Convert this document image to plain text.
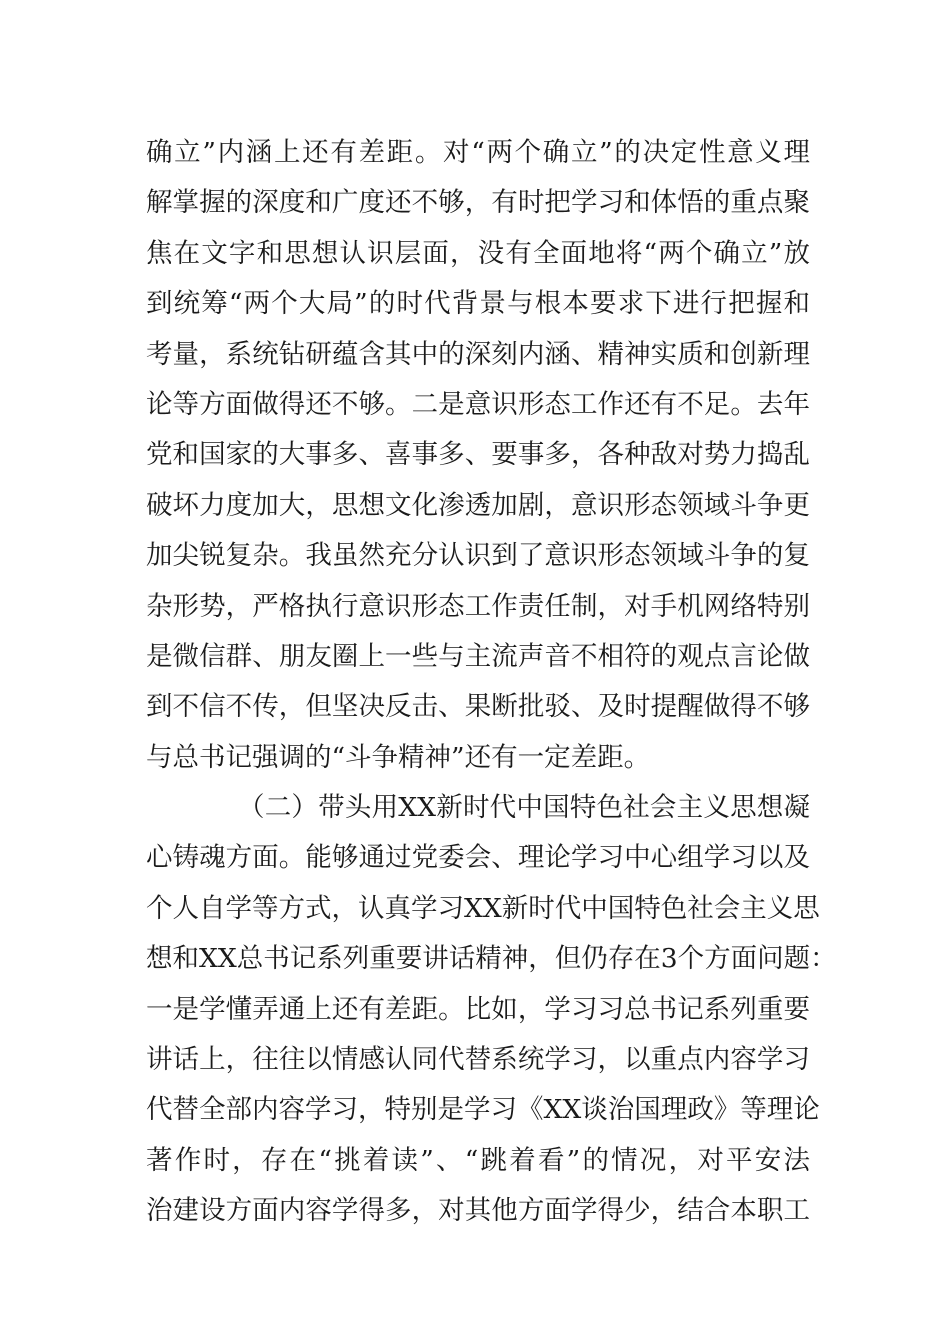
确立”内涵上还有差距。对“两个确立”的决定性意义理
解掌握的深度和广度还不够，有时把学习和体悟的重点聚
焦在文字和思想认识层面，没有全面地将“两个确立”放
到统筹“两个大局”的时代背景与根本要求下进行把握和
考量，系统钻研蕴含其中的深刻内涵、精神实质和创新理
论等方面做得还不够。二是意识形态工作还有不足。去年
党和国家的大事多、喜事多、要事多，各种敌对势力捣乱
破坏力度加大，思想文化渗透加剧，意识形态领域斗争更
加尖锐复杂。我虽然充分认识到了意识形态领域斗争的复
杂形势，严格执行意识形态工作责任制，对手机网络特别
是微信群、朋友圈上一些与主流声音不相符的观点言论做
到不信不传，但坚决反击、果断批驳、及时提醒做得不够
与总书记强调的“斗争精神”还有一定差距。
（二）带头用XX新时代中国特色社会主义思想凝
心铸魂方面。能够通过党委会、理论学习中心组学习以及
个人自学等方式，认真学习XX新时代中国特色社会主义思
想和XX总书记系列重要讲话精神，但仍存在3个方面问题：
一是学懂弄通上还有差距。比如，学习习总书记系列重要
讲话上，往往以情感认同代替系统学习，以重点内容学习
代替全部内容学习，特别是学习《XX谈治国理政》等理论
著作时，存在“挑着读”、“跳着看”的情况，对平安法
治建设方面内容学得多，对其他方面学得少，结合本职工
